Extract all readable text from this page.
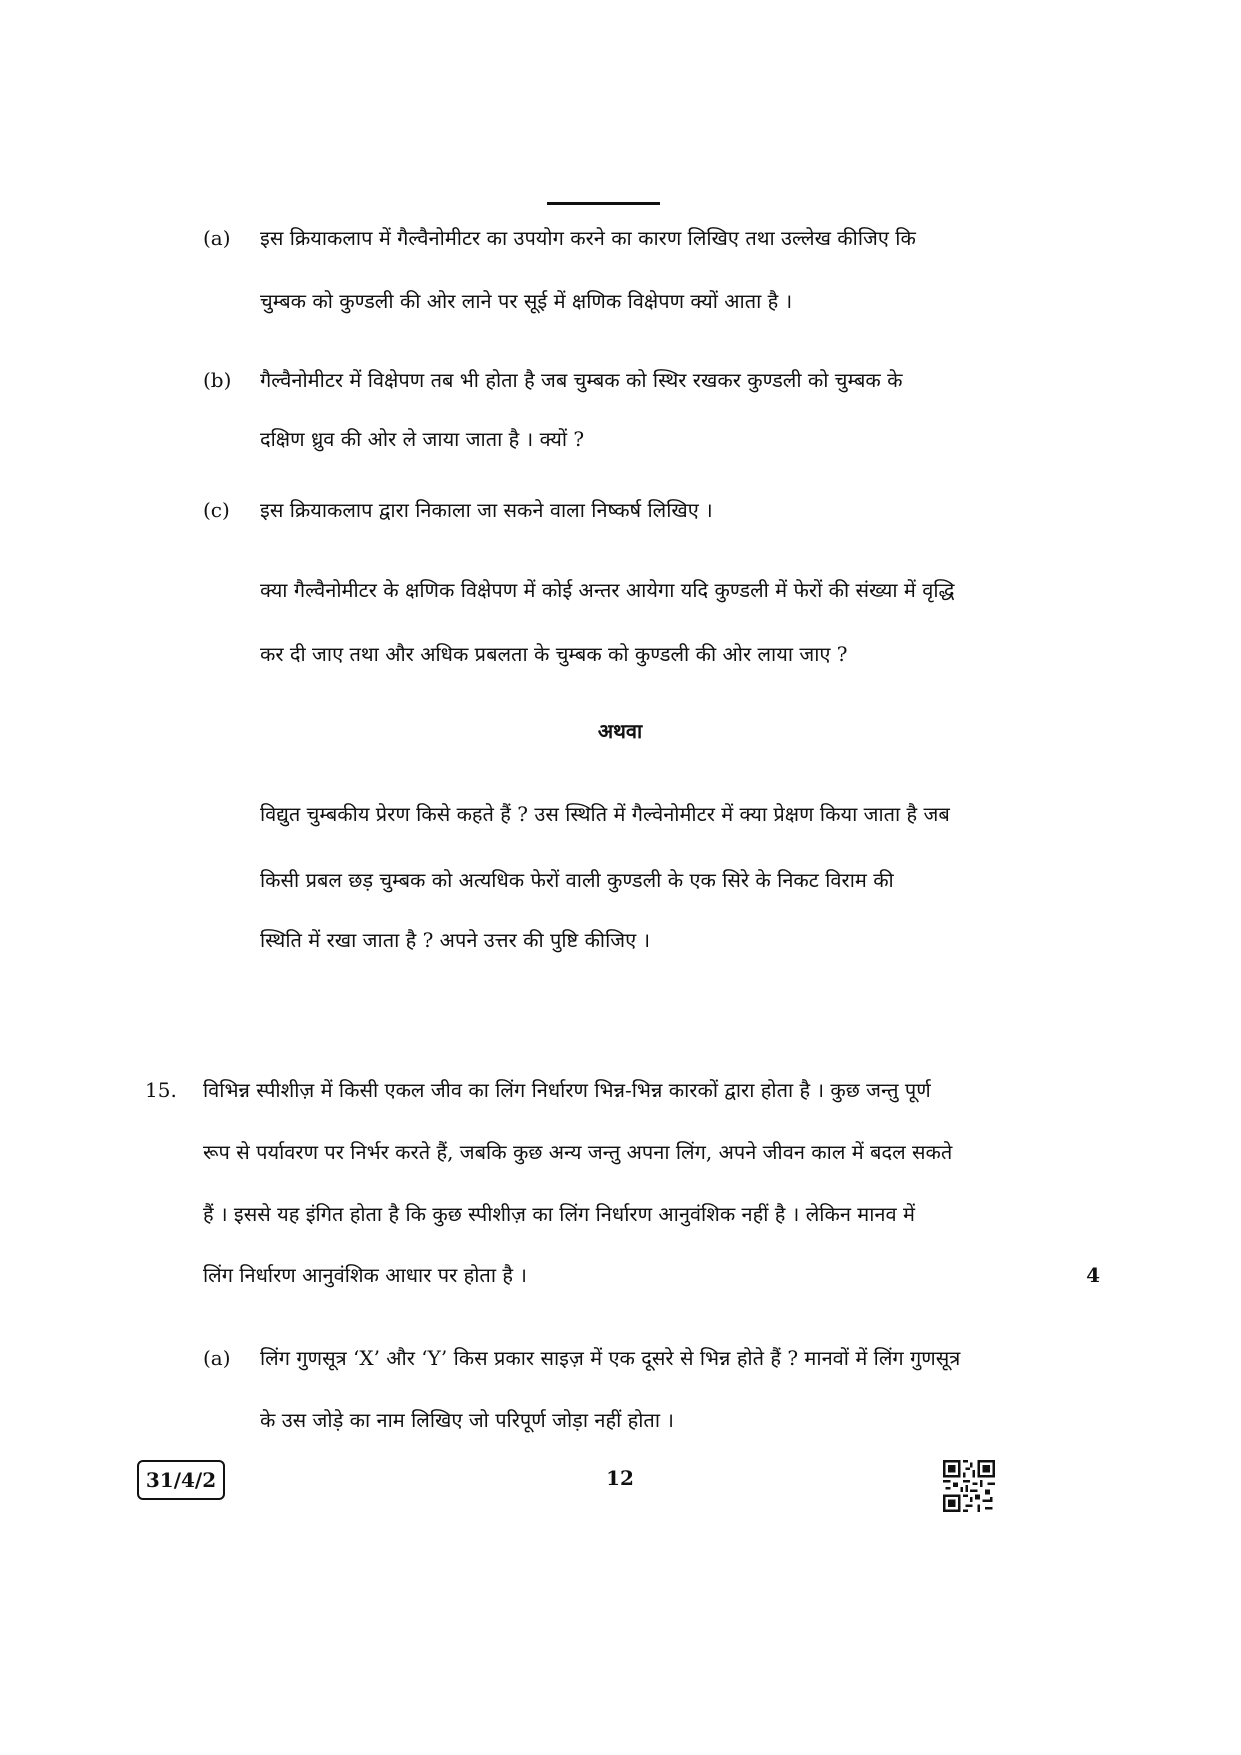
(a) इस क्रियाकलाप में गैल्वैनोमीटर का उपयोग करने का कारण लिखिए तथा उल्लेख कीजिए कि
चुम्बक को कुण्डली की ओर लाने पर सूई में क्षणिक विक्षेपण क्यों आता है ।
(b) गैल्वैनोमीटर में विक्षेपण तब भी होता है जब चुम्बक को स्थिर रखकर कुण्डली को चुम्बक के
दक्षिण ध्रुव की ओर ले जाया जाता है । क्यों ?
(c) इस क्रियाकलाप द्वारा निकाला जा सकने वाला निष्कर्ष लिखिए ।
क्या गैल्वैनोमीटर के क्षणिक विक्षेपण में कोई अन्तर आयेगा यदि कुण्डली में फेरों की संख्या में वृद्धि
कर दी जाए तथा और अधिक प्रबलता के चुम्बक को कुण्डली की ओर लाया जाए ?
अथवा
विद्युत चुम्बकीय प्रेरण किसे कहते हैं ? उस स्थिति में गैल्वेनोमीटर में क्या प्रेक्षण किया जाता है जब
किसी प्रबल छड़ चुम्बक को अत्यधिक फेरों वाली कुण्डली के एक सिरे के निकट विराम की
स्थिति में रखा जाता है ? अपने उत्तर की पुष्टि कीजिए ।
15. विभिन्न स्पीशीज़ में किसी एकल जीव का लिंग निर्धारण भिन्न-भिन्न कारकों द्वारा होता है । कुछ जन्तु पूर्ण
रूप से पर्यावरण पर निर्भर करते हैं, जबकि कुछ अन्य जन्तु अपना लिंग, अपने जीवन काल में बदल सकते
हैं । इससे यह इंगित होता है कि कुछ स्पीशीज़ का लिंग निर्धारण आनुवंशिक नहीं है । लेकिन मानव में
लिंग निर्धारण आनुवंशिक आधार पर होता है ।	4
(a) लिंग गुणसूत्र ‘X’ और ‘Y’ किस प्रकार साइज़ में एक दूसरे से भिन्न होते हैं ? मानवों में लिंग गुणसूत्र
के उस जोड़े का नाम लिखिए जो परिपूर्ण जोड़ा नहीं होता ।
31/4/2	12
